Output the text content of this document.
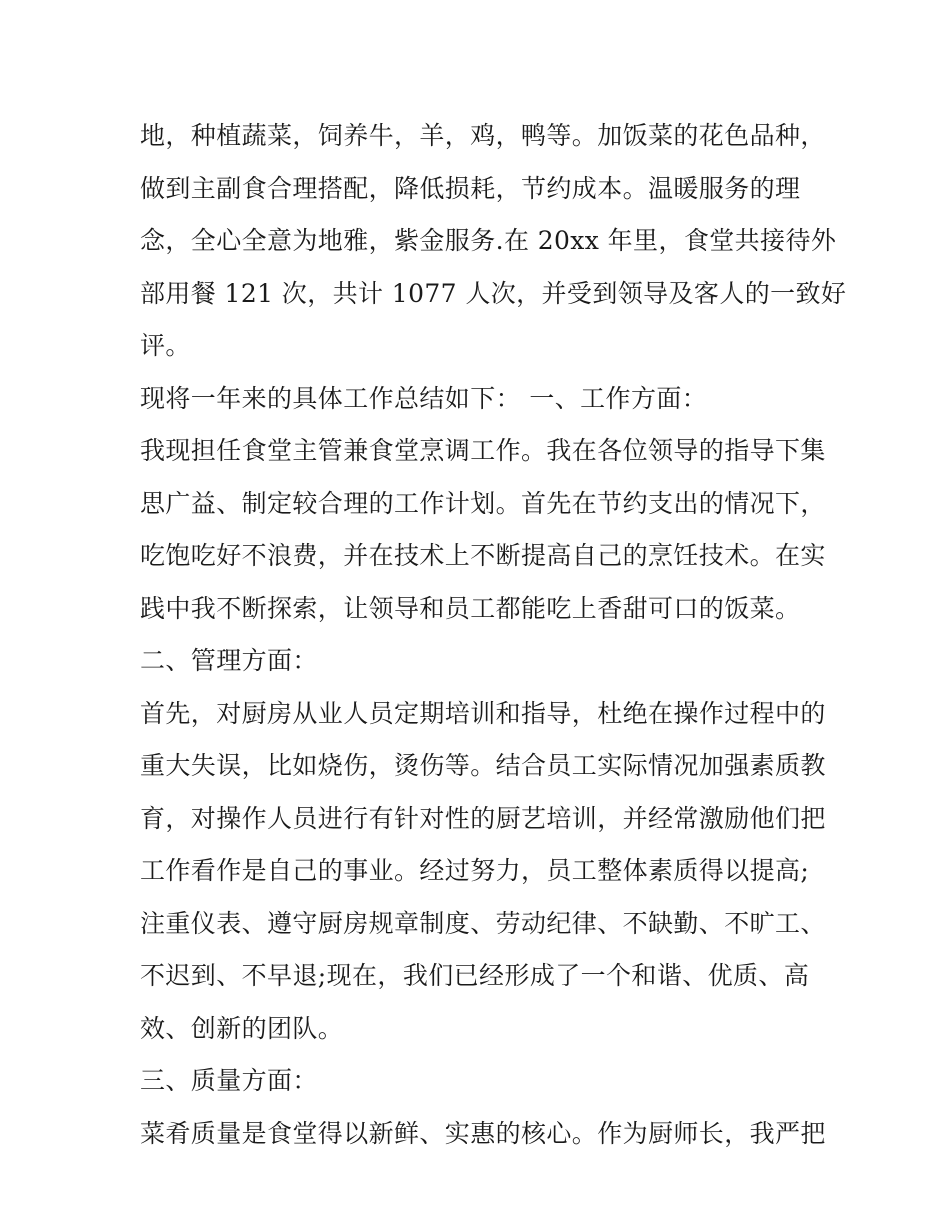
地，种植蔬菜，饲养牛，羊，鸡，鸭等。加饭菜的花色品种，
做到主副食合理搭配，降低损耗，节约成本。温暖服务的理
念，全心全意为地雅，紫金服务.在 20xx 年里，食堂共接待外
部用餐 121 次，共计 1077 人次，并受到领导及客人的一致好
评。
现将一年来的具体工作总结如下： 一、工作方面：
我现担任食堂主管兼食堂烹调工作。我在各位领导的指导下集
思广益、制定较合理的工作计划。首先在节约支出的情况下，
吃饱吃好不浪费，并在技术上不断提高自己的烹饪技术。在实
践中我不断探索，让领导和员工都能吃上香甜可口的饭菜。
二、管理方面：
首先，对厨房从业人员定期培训和指导，杜绝在操作过程中的
重大失误，比如烧伤，烫伤等。结合员工实际情况加强素质教
育，对操作人员进行有针对性的厨艺培训，并经常激励他们把
工作看作是自己的事业。经过努力，员工整体素质得以提高;
注重仪表、遵守厨房规章制度、劳动纪律、不缺勤、不旷工、
不迟到、不早退;现在，我们已经形成了一个和谐、优质、高
效、创新的团队。
三、质量方面：
菜肴质量是食堂得以新鲜、实惠的核心。作为厨师长，我严把
